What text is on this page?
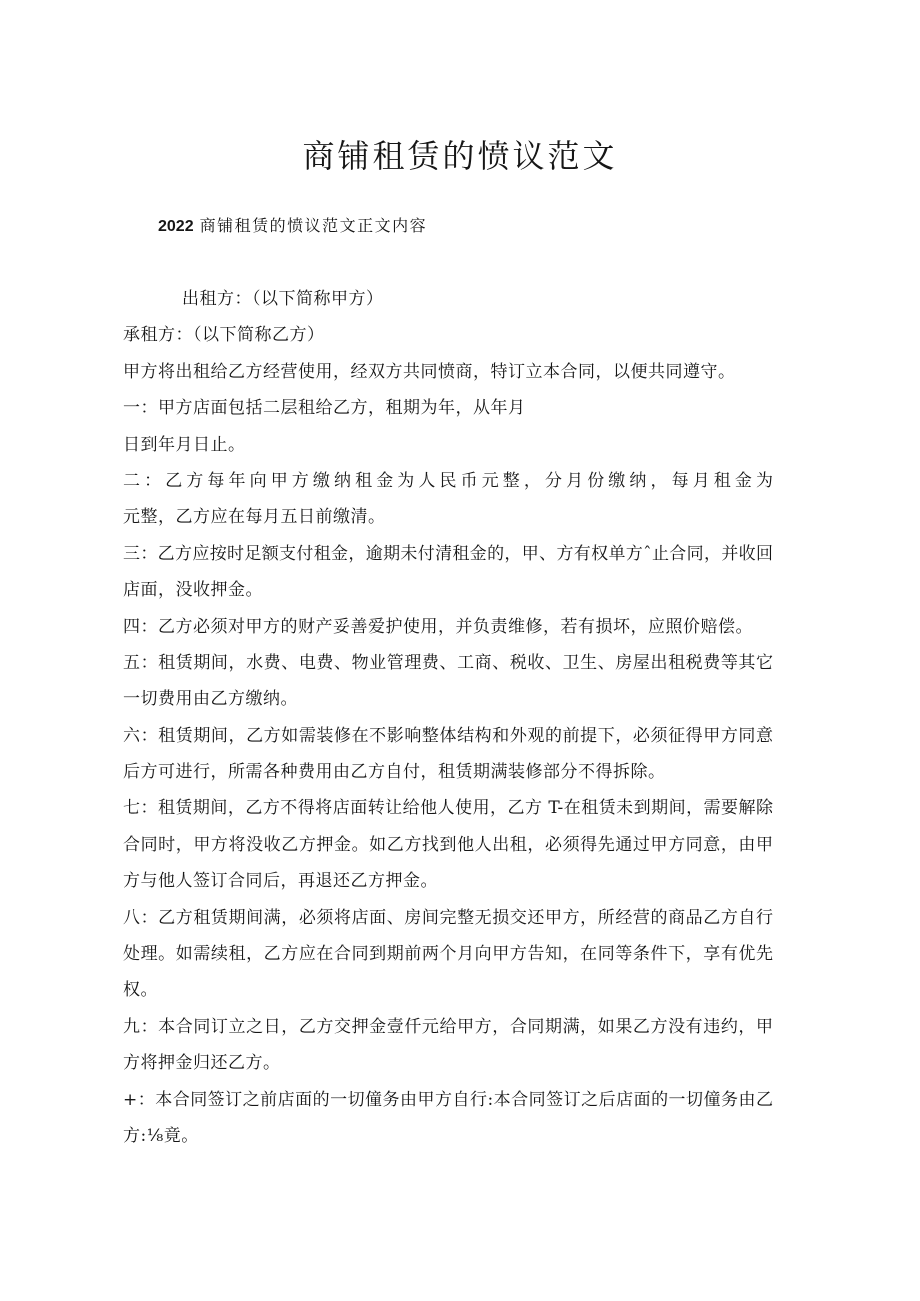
商铺租赁的愤议范文

2022 商铺租赁的愤议范文正文内容

出租方：（以下简称甲方）
承租方：（以下简称乙方）
甲方将出租给乙方经营使用，经双方共同愤商，特订立本合同，以便共同遵守。
一：甲方店面包括二层租给乙方，租期为年，从年月
日到年月日止。
二：乙方每年向甲方缴纳租金为人民币元整，分月份缴纳，每月租金为
元整，乙方应在每月五日前缴清。
三：乙方应按时足额支付租金，逾期未付清租金的，甲、方有权单方ˆ止合同，并收回
店面，没收押金。
四：乙方必须对甲方的财产妥善爱护使用，并负责维修，若有损坏，应照价赔偿。
五：租赁期间，水费、电费、物业管理费、工商、税收、卫生、房屋出租税费等其它
一切费用由乙方缴纳。
六：租赁期间，乙方如需装修在不影响整体结构和外观的前提下，必须征得甲方同意
后方可进行，所需各种费用由乙方自付，租赁期满装修部分不得拆除。
七：租赁期间，乙方不得将店面转让给他人使用，乙方 T-在租赁未到期间，需要解除
合同时，甲方将没收乙方押金。如乙方找到他人出租，必须得先通过甲方同意，由甲
方与他人签订合同后，再退还乙方押金。
八：乙方租赁期间满，必须将店面、房间完整无损交还甲方，所经营的商品乙方自行
处理。如需续租，乙方应在合同到期前两个月向甲方告知，在同等条件下，享有优先
权。
九：本合同订立之日，乙方交押金壹仟元给甲方，合同期满，如果乙方没有违约，甲
方将押金归还乙方。
+：本合同签订之前店面的一切僮务由甲方自行:本合同签订之后店面的一切僮务由乙
方:⅛竟。
